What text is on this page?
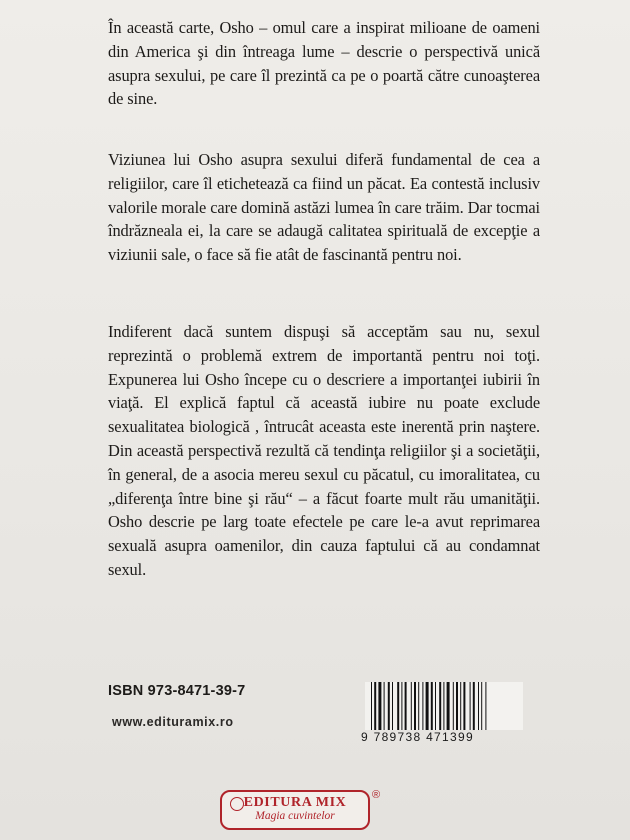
În această carte, Osho – omul care a inspirat milioane de oameni din America şi din întreaga lume – descrie o perspectivă unică asupra sexului, pe care îl prezintă ca pe o poartă către cunoaşterea de sine.

Viziunea lui Osho asupra sexului diferă fundamental de cea a religiilor, care îl etichetează ca fiind un păcat. Ea contestă inclusiv valorile morale care domină astăzi lumea în care trăim. Dar tocmai îndrăzneala ei, la care se adaugă calitatea spirituală de excepţie a viziunii sale, o face să fie atât de fascinantă pentru noi.

Indiferent dacă suntem dispuşi să acceptăm sau nu, sexul reprezintă o problemă extrem de importantă pentru noi toţi. Expunerea lui Osho începe cu o descriere a importanţei iubirii în viaţă. El explică faptul că această iubire nu poate exclude sexualitatea biologică , întrucât aceasta este inerentă prin naştere. Din această perspectivă rezultă că tendinţa religiilor şi a societăţii, în general, de a asocia mereu sexul cu păcatul, cu imoralitatea, cu „diferenţa între bine şi rău“ – a făcut foarte mult rău umanităţii. Osho descrie pe larg toate efectele pe care le-a avut reprimarea sexuală asupra oamenilor, din cauza faptului că au condamnat sexul.

ISBN 973-8471-39-7
www.edituramix.ro
9 789738 471399
EDITURA MIX
Magia cuvintelor
®
